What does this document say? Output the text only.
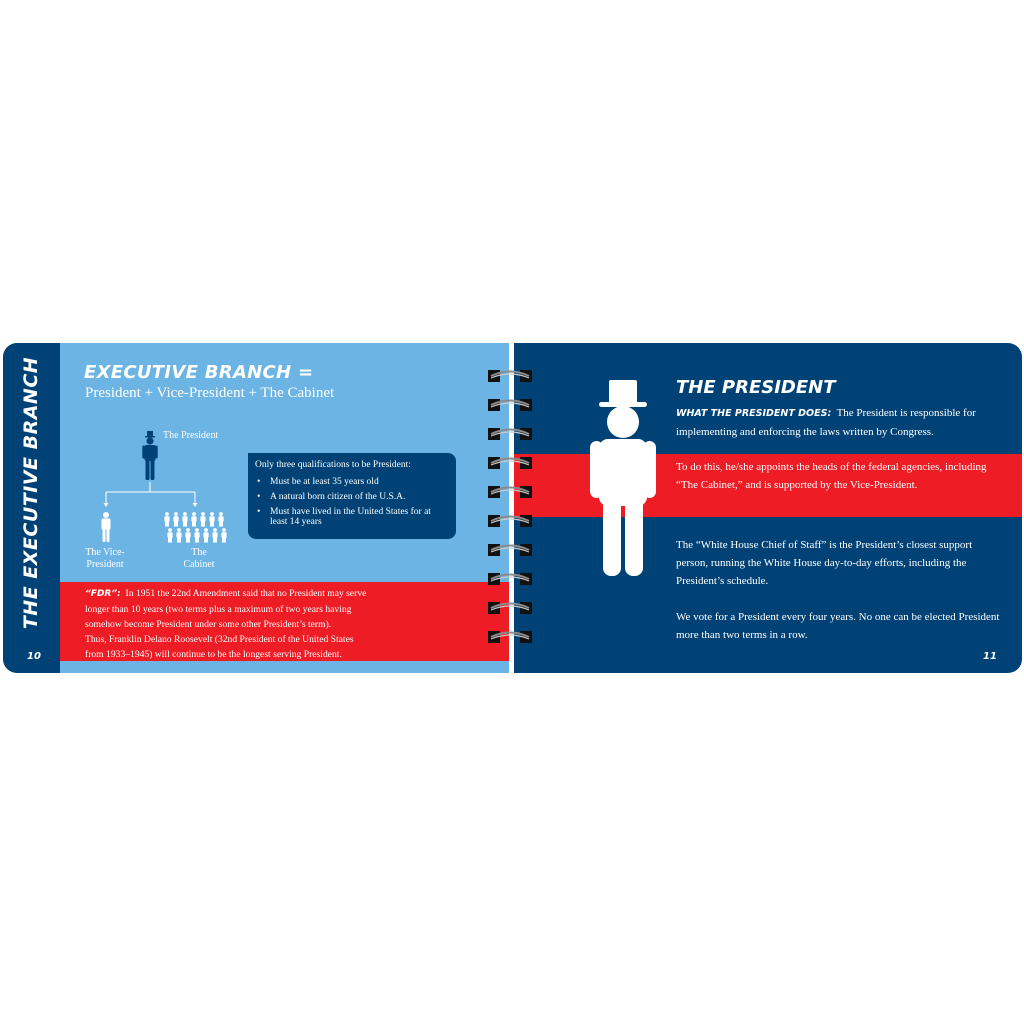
THE EXECUTIVE BRANCH
10
EXECUTIVE BRANCH =
President + Vice-President + The Cabinet
The President
The Vice-
President
The
Cabinet
Only three qualifications to be President:
• Must be at least 35 years old
• A natural born citizen of the U.S.A.
• Must have lived in the United States for at least 14 years
“FDR”: In 1951 the 22nd Amendment said that no President may serve
longer than 10 years (two terms plus a maximum of two years having
somehow become President under some other President’s term).
Thus, Franklin Delano Roosevelt (32nd President of the United States
from 1933–1945) will continue to be the longest serving President.
THE PRESIDENT
WHAT THE PRESIDENT DOES: The President is responsible for implementing and enforcing the laws written by Congress.
To do this, he/she appoints the heads of the federal agencies, including “The Cabinet,” and is supported by the Vice-President.
The “White House Chief of Staff” is the President’s closest support person, running the White House day-to-day efforts, including the President’s schedule.
We vote for a President every four years. No one can be elected President more than two terms in a row.
11
